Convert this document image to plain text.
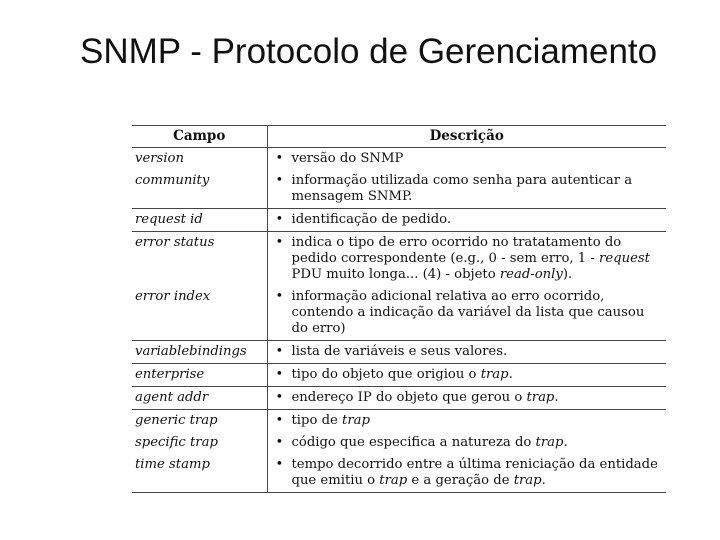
SNMP - Protocolo de Gerenciamento
Campo	Descrição
version	• versão do SNMP

community	• informação utilizada como senha para autenticar a mensagem SNMP.

request id	• identificação de pedido.

error status	• indica o tipo de erro ocorrido no tratatamento do pedido correspondente (e.g., 0 - sem erro, 1 - request PDU muito longa... (4) - objeto read-only).

error index	• informação adicional relativa ao erro ocorrido, contendo a indicação da variável da lista que causou do erro)

variablebindings	• lista de variáveis e seus valores.

enterprise	• tipo do objeto que origiou o trap.

agent addr	• endereço IP do objeto que gerou o trap.

generic trap	• tipo de trap

specific trap	• código que especifica a natureza do trap.

time stamp	• tempo decorrido entre a última reniciação da entidade que emitiu o trap e a geração de trap.
